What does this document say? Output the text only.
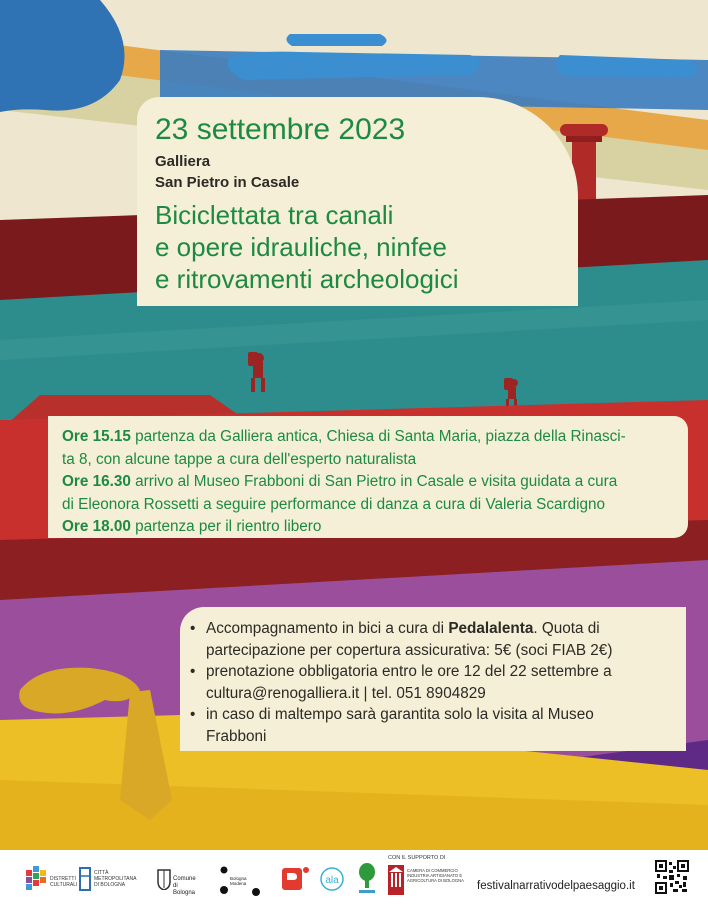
23 settembre 2023
Galliera
San Pietro in Casale
Biciclettata tra canali
e opere idrauliche, ninfee
e ritrovamenti archeologici
Ore 15.15 partenza da Galliera antica, Chiesa di Santa Maria, piazza della Rinasci-
ta 8, con alcune tappe a cura dell'esperto naturalista
Ore 16.30 arrivo al Museo Frabboni di San Pietro in Casale e visita guidata a cura
di Eleonora Rossetti a seguire performance di danza a cura di Valeria Scardigno
Ore 18.00 partenza per il rientro libero
• Accompagnamento in bici a cura di Pedalalenta. Quota di
partecipazione per copertura assicurativa: 5€ (soci FIAB 2€)
• prenotazione obbligatoria entro le ore 12 del 22 settembre a
cultura@renogalliera.it | tel. 051 8904829
• in caso di maltempo sarà garantita solo la visita al Museo
Frabboni
DISTRETTI
CULTURALI
CITTÀ
METROPOLITANA
DI BOLOGNA
Comune
di Bologna
Bologna
Modena	ala
CON IL SUPPORTO DI
CAMERA DI COMMERCIO
INDUSTRIA ARTIGIANATO E
AGRICOLTURA DI BOLOGNA festivalnarrativodelpaesaggio.it
